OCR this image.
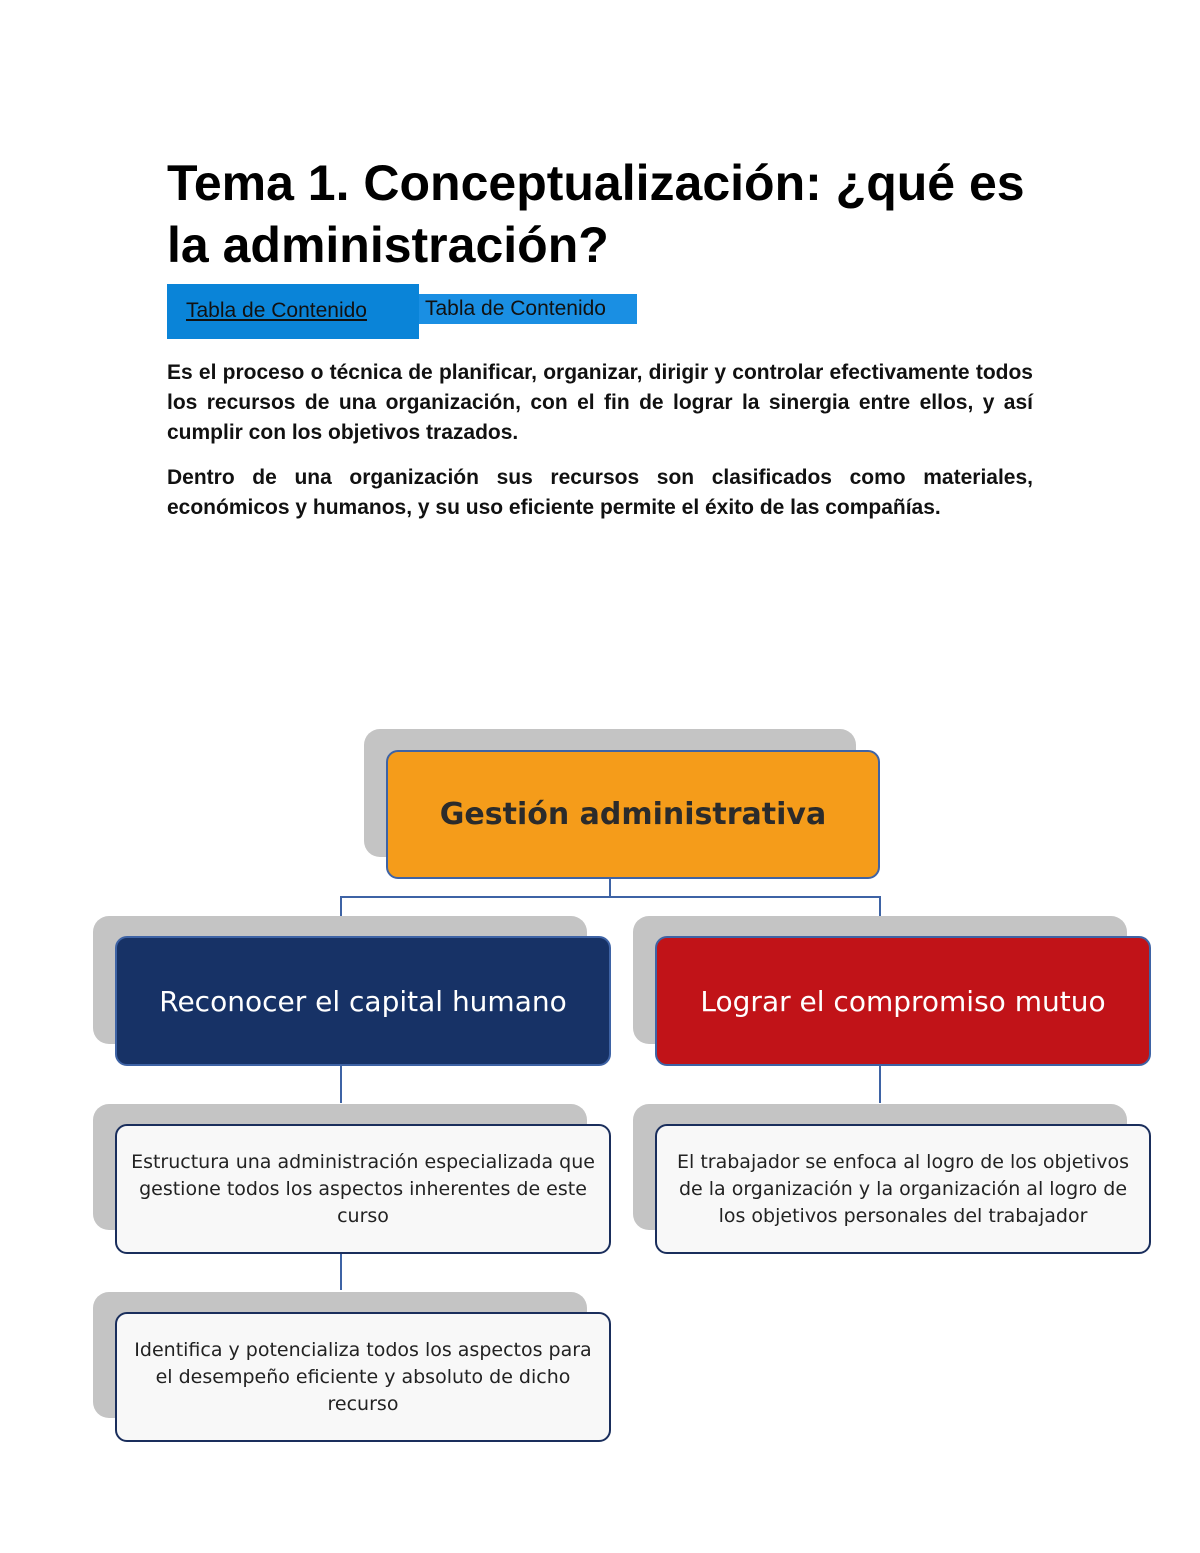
Tema 1. Conceptualización: ¿qué es la administración?
Tabla de Contenido	Tabla de Contenido

Es el proceso o técnica de planificar, organizar, dirigir y controlar efectivamente todos los recursos de una organización, con el fin de lograr la sinergia entre ellos, y así cumplir con los objetivos trazados.

Dentro de una organización sus recursos son clasificados como materiales, económicos y humanos, y su uso eficiente permite el éxito de las compañías.

Gestión administrativa
Reconocer el capital humano	Lograr el compromiso mutuo
Estructura una administración especializada que gestione todos los aspectos inherentes de este curso
El trabajador se enfoca al logro de los objetivos de la organización y la organización al logro de los objetivos personales del trabajador
Identifica y potencializa todos los aspectos para el desempeño eficiente y absoluto de dicho recurso
